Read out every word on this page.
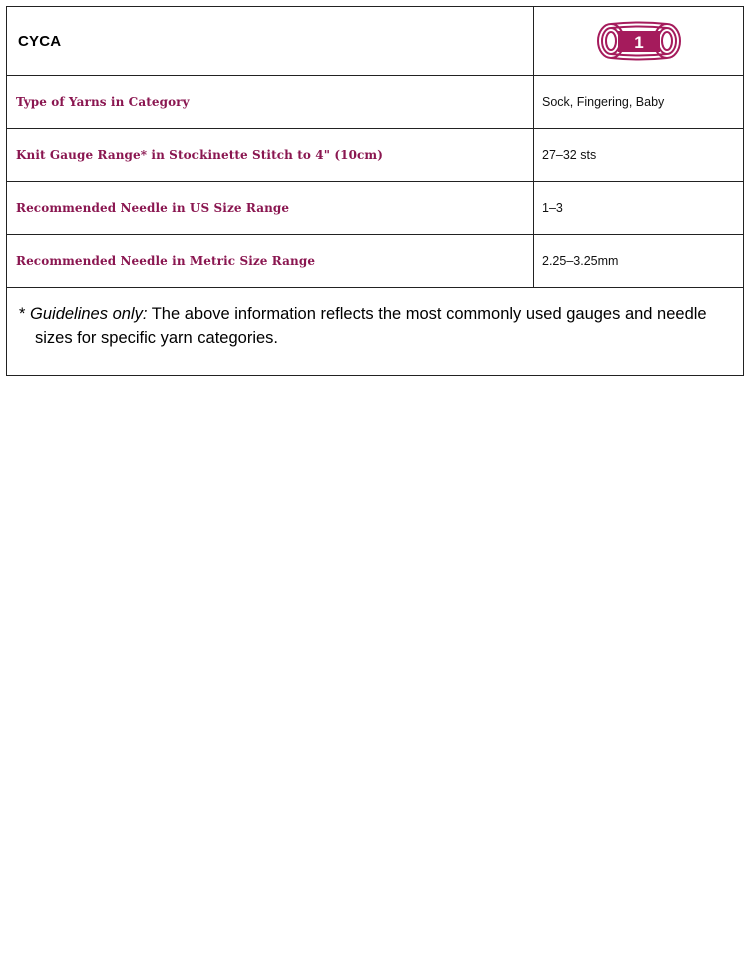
CYCA	1
Type of Yarns in Category	Sock, Fingering, Baby
Knit Gauge Range* in Stockinette Stitch to 4" (10cm)	27–32 sts
Recommended Needle in US Size Range	1–3
Recommended Needle in Metric Size Range	2.25–3.25mm
* Guidelines only: The above information reflects the most commonly used gauges and needle sizes for specific yarn categories.
